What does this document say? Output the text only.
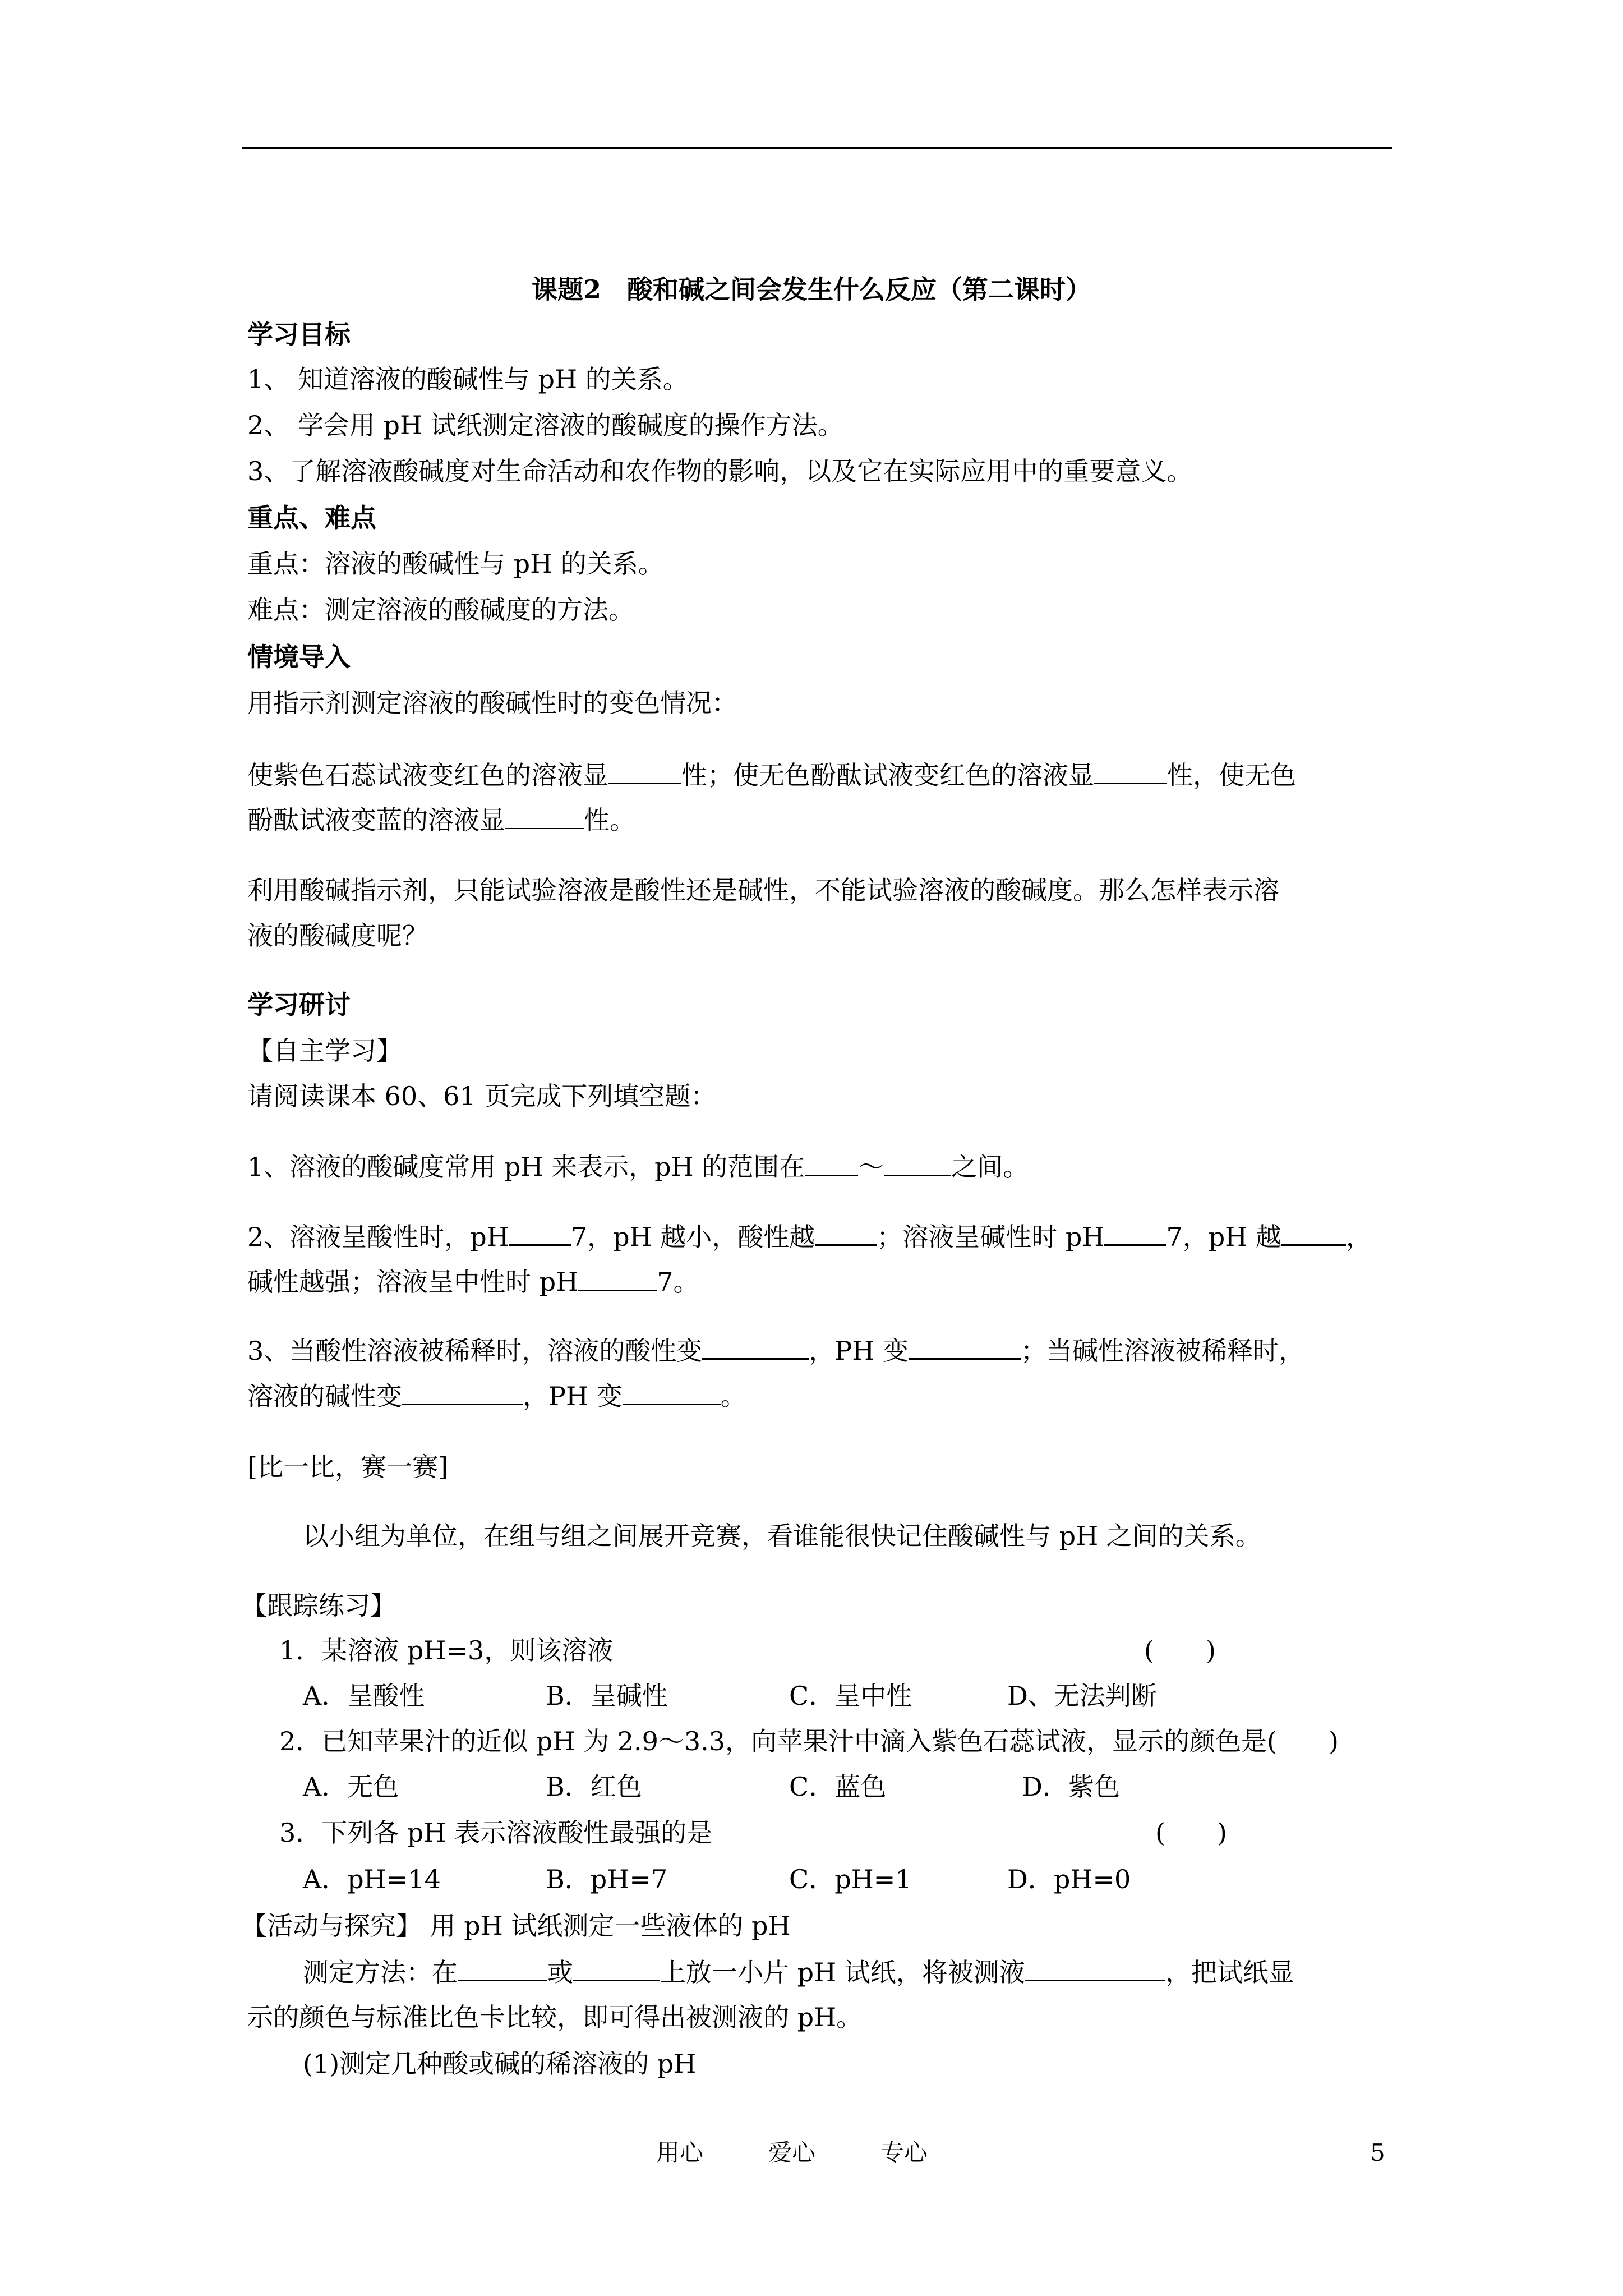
课题2　酸和碱之间会发生什么反应（第二课时）
学习目标
1、 知道溶液的酸碱性与 pH 的关系。
2、 学会用 pH 试纸测定溶液的酸碱度的操作方法。
3、了解溶液酸碱度对生命活动和农作物的影响，以及它在实际应用中的重要意义。
重点、难点
重点：溶液的酸碱性与 pH 的关系。
难点：测定溶液的酸碱度的方法。
情境导入
用指示剂测定溶液的酸碱性时的变色情况：
使紫色石蕊试液变红色的溶液显	性；使无色酚酞试液变红色的溶液显	性，使无色
酚酞试液变蓝的溶液显	性。
利用酸碱指示剂，只能试验溶液是酸性还是碱性，不能试验溶液的酸碱度。那么怎样表示溶
液的酸碱度呢？
学习研讨
【自主学习】
请阅读课本 60、61 页完成下列填空题：
1、溶液的酸碱度常用 pH 来表示，pH 的范围在 ～	之间。
2、溶液呈酸性时，pH 7，pH 越小，酸性越 ；溶液呈碱性时 pH 7，pH 越	，
碱性越强；溶液呈中性时 pH	7。
3、当酸性溶液被稀释时，溶液的酸性变	，PH 变	；当碱性溶液被稀释时，
溶液的碱性变	，PH 变	。
[比一比，赛一赛]
以小组为单位，在组与组之间展开竞赛，看谁能很快记住酸碱性与 pH 之间的关系。
【跟踪练习】
1．某溶液 pH=3，则该溶液	(　　)
A．呈酸性	B．呈碱性	C．呈中性	D、无法判断
2．已知苹果汁的近似 pH 为 2.9～3.3，向苹果汁中滴入紫色石蕊试液，显示的颜色是(　　)
A．无色	B．红色	C．蓝色	D．紫色
3．下列各 pH 表示溶液酸性最强的是	(　　)
A．pH=14	B．pH=7	C．pH=1	D．pH=0
【活动与探究】 用 pH 试纸测定一些液体的 pH
测定方法：在	或	上放一小片 pH 试纸，将被测液	，把试纸显
示的颜色与标准比色卡比较，即可得出被测液的 pH。
(1)测定几种酸或碱的稀溶液的 pH
用心	爱心	专心	5
